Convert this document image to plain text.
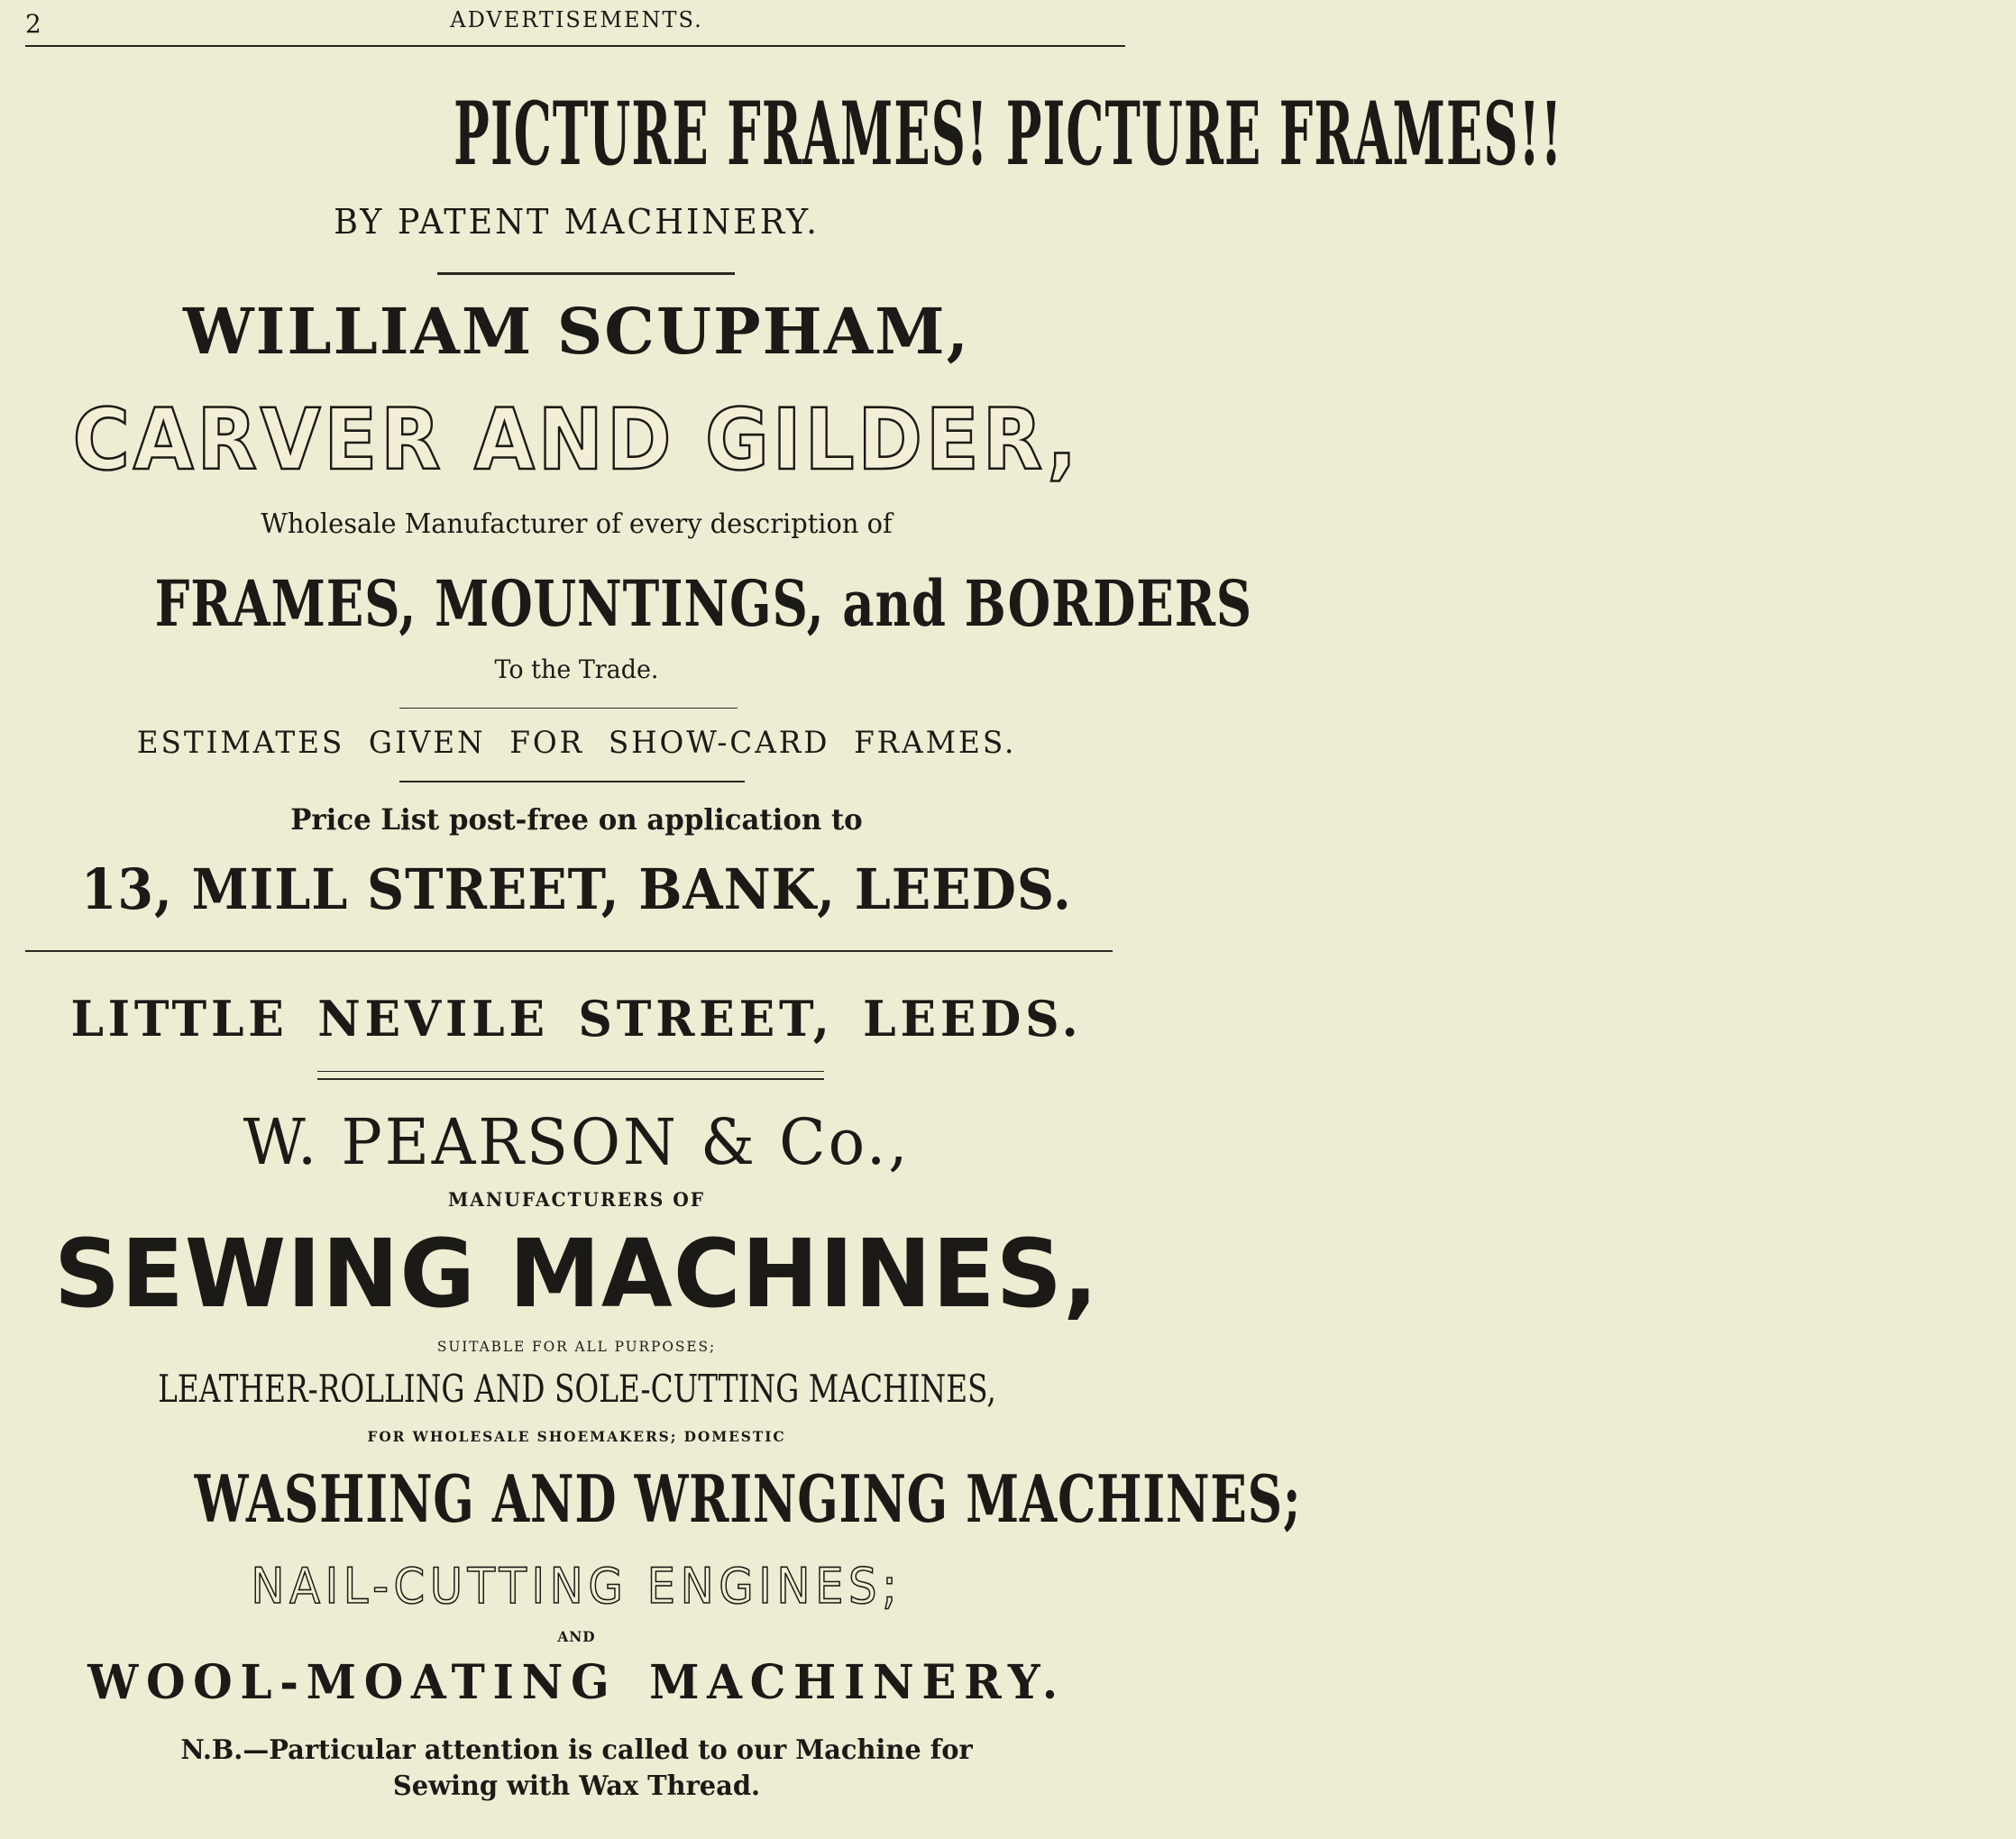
2	ADVERTISEMENTS.
PICTURE FRAMES! PICTURE FRAMES!!
BY PATENT MACHINERY.
WILLIAM SCUPHAM,
CARVER AND GILDER,
Wholesale Manufacturer of every description of
FRAMES, MOUNTINGS, and BORDERS
To the Trade.
ESTIMATES GIVEN FOR SHOW-CARD FRAMES.
Price List post-free on application to
13, MILL STREET, BANK, LEEDS.
LITTLE NEVILE STREET, LEEDS.
W. PEARSON & Co.,
MANUFACTURERS OF
SEWING MACHINES,
SUITABLE FOR ALL PURPOSES;
LEATHER-ROLLING AND SOLE-CUTTING MACHINES,
FOR WHOLESALE SHOEMAKERS; DOMESTIC
WASHING AND WRINGING MACHINES;
NAIL-CUTTING ENGINES;
AND
WOOL-MOATING MACHINERY.
N.B.—Particular attention is called to our Machine for
Sewing with Wax Thread.
